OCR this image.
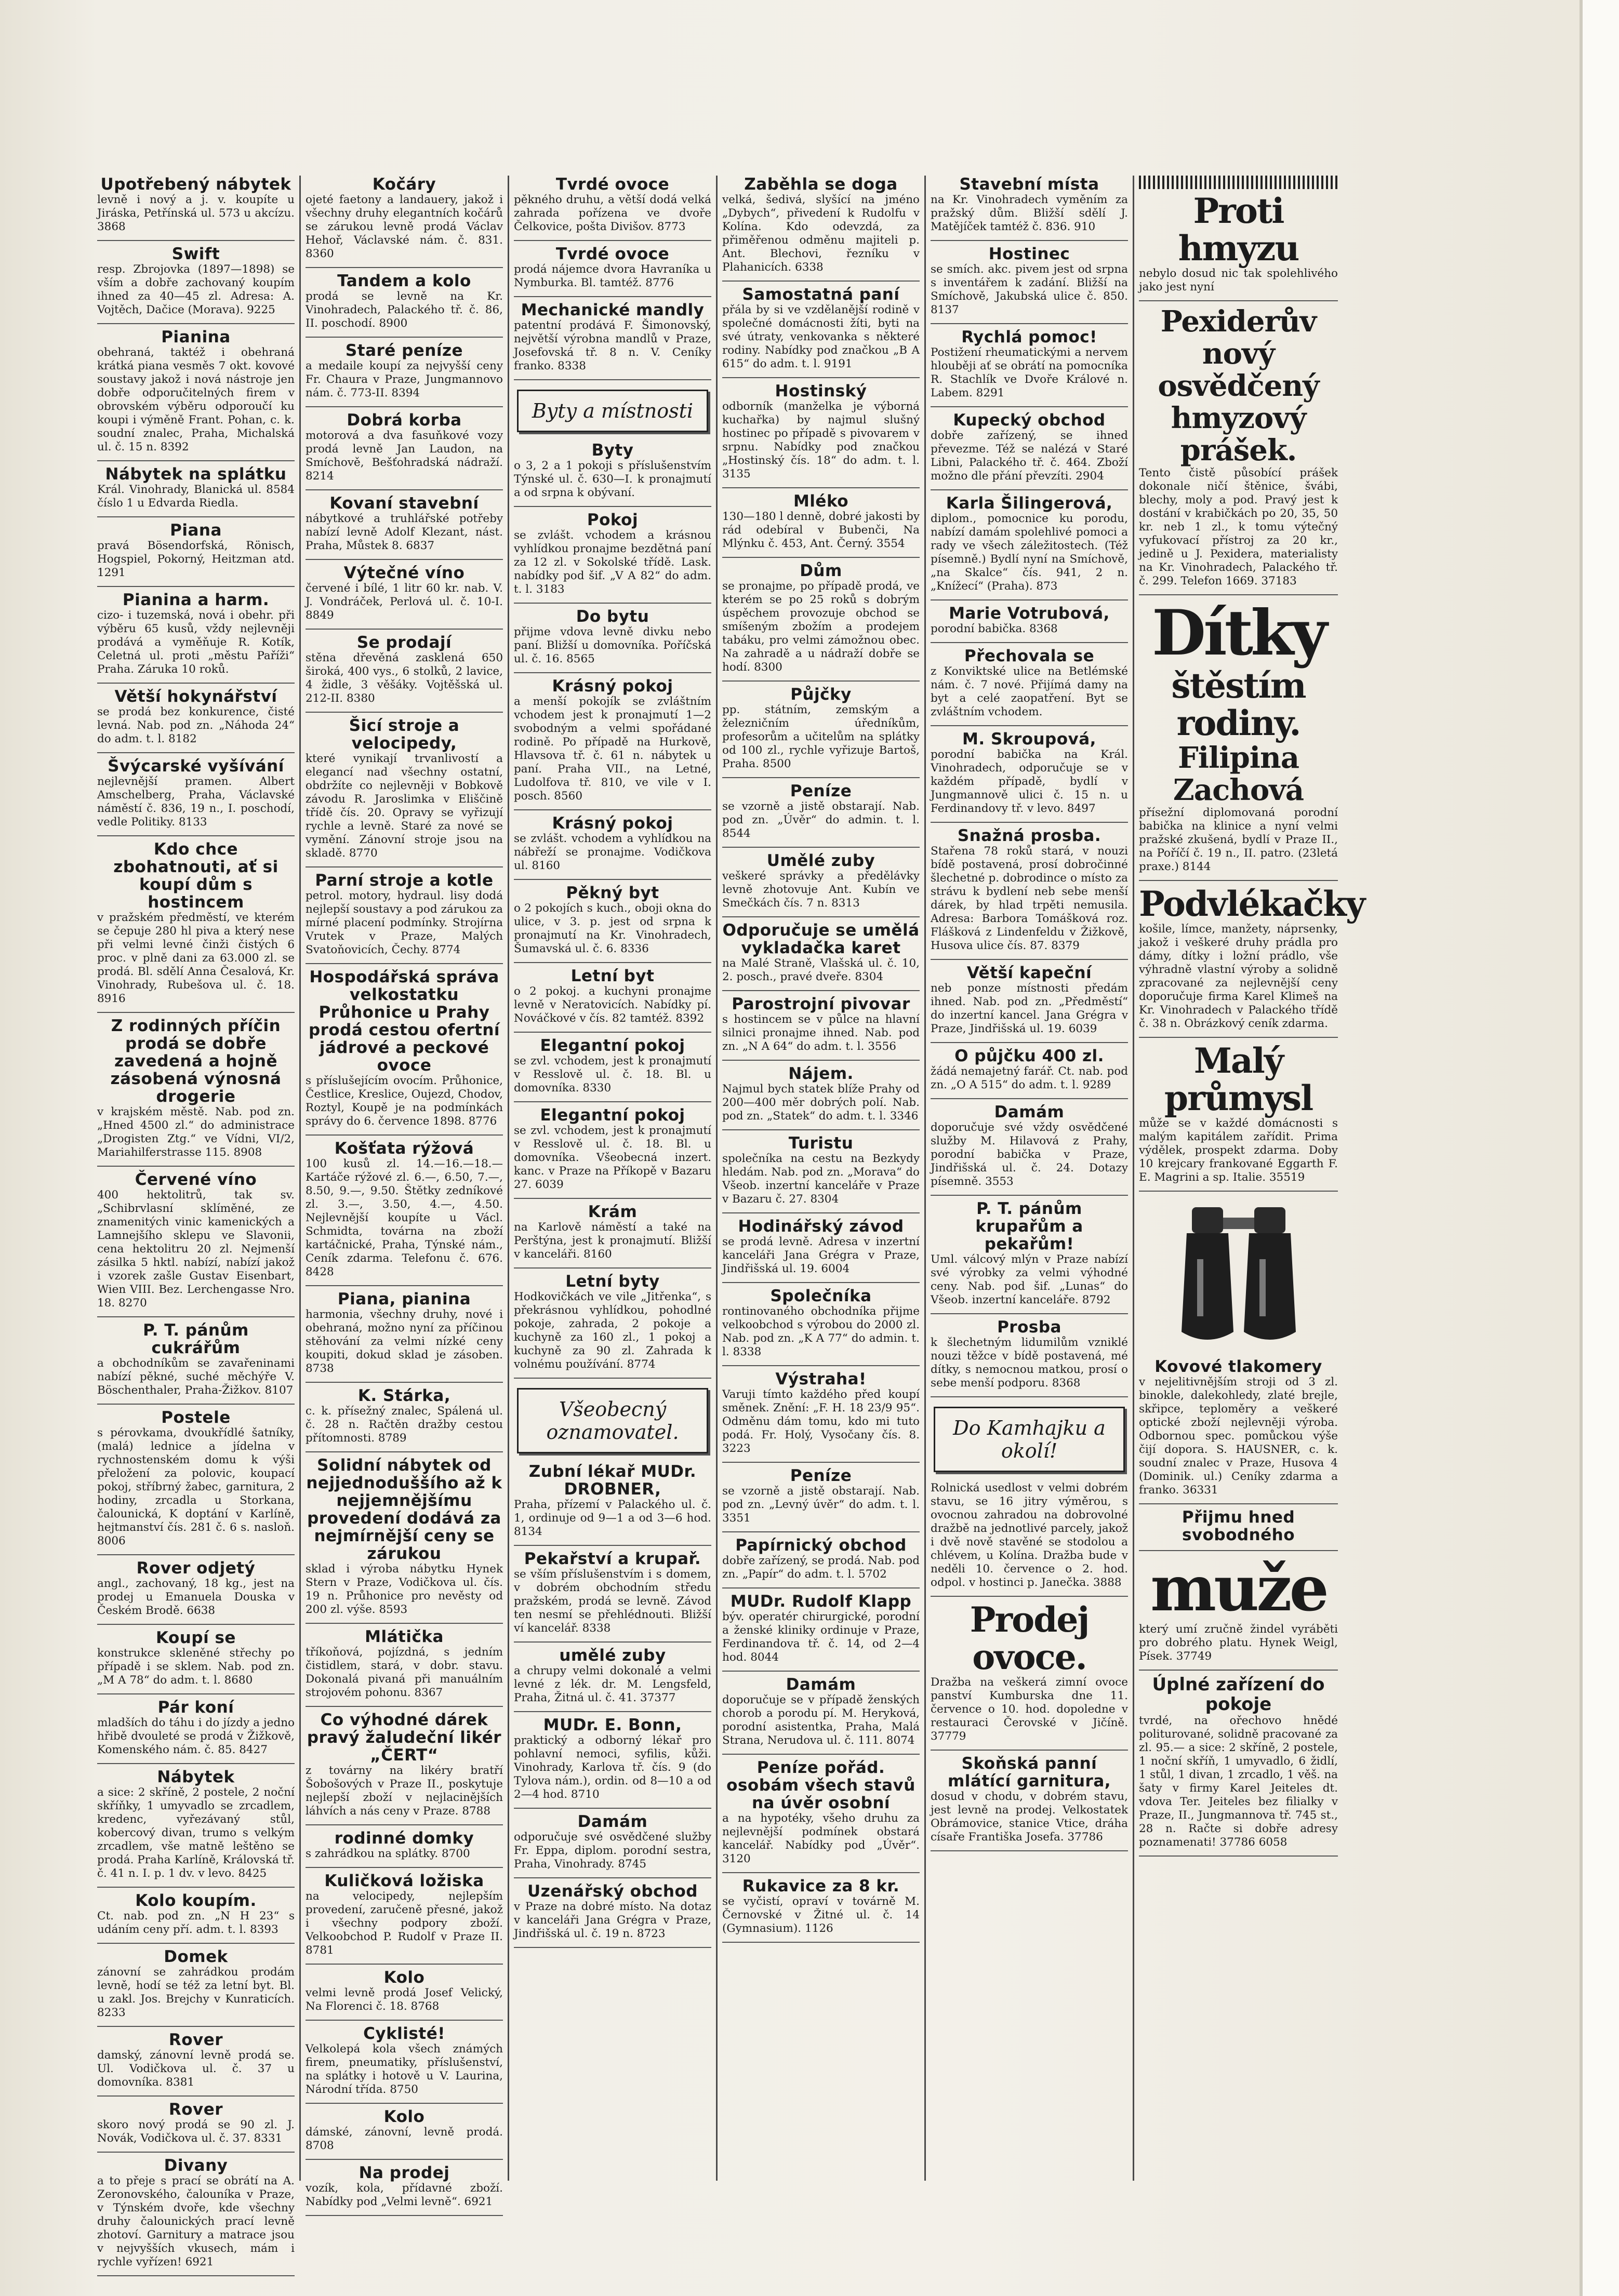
Upotřebený nábytek
levně i nový a j. v. koupíte u Jiráska, Petřínská ul. 573 u akcízu. 3868
Swift
resp. Zbrojovka (1897—1898) se vším a dobře zachovaný koupím ihned za 40—45 zl. Adresa: A. Vojtěch, Dačice (Morava). 9225
Pianina
obehraná, taktéž i obehraná krátká piana vesměs 7 okt. kovové soustavy jakož i nová nástroje jen dobře odporučitelných firem v obrovském výběru odporoučí ku koupi i výměně Frant. Pohan, c. k. soudní znalec, Praha, Michalská ul. č. 15 n. 8392
Nábytek na splátku
Král. Vinohrady, Blanická ul. 8584 číslo 1 u Edvarda Riedla.
Piana
pravá Bösendorfská, Rönisch, Hogspiel, Pokorný, Heitzman atd. 1291
Pianina a harm.
cizo- i tuzemská, nová i obehr. při výběru 65 kusů, vždy nejlevněji prodává a vyměňuje R. Kotík, Celetná ul. proti „městu Paříži“ Praha. Záruka 10 roků.
Větší hokynářství
se prodá bez konkurence, čisté levná. Nab. pod zn. „Náhoda 24“ do adm. t. l. 8182
Švýcarské vyšívání
nejlevnější pramen. Albert Amschelberg, Praha, Václavské náměstí č. 836, 19 n., I. poschodí, vedle Politiky. 8133
Kdo chce zbohatnouti, ať si koupí dům s hostincem
v pražském předměstí, ve kterém se čepuje 280 hl piva a který nese při velmi levné činži čistých 6 proc. v plně dani za 63.000 zl. se prodá. Bl. sdělí Anna Česalová, Kr. Vinohrady, Rubešova ul. č. 18. 8916
Z rodinných příčin prodá se dobře zavedená a hojně zásobená výnosná drogerie
v krajském městě. Nab. pod zn. „Hned 4500 zl.“ do administrace „Drogisten Ztg.“ ve Vídni, VI/2, Mariahilferstrasse 115. 8908
Červené víno
400 hektolitrů, tak sv. „Schibrvlasní sklíměné, ze znamenitých vinic kamenických a Lamnejšího sklepu ve Slavonii, cena hektolitru 20 zl. Nejmenší zásilka 5 hktl. nabízí, nabízí jakož i vzorek zašle Gustav Eisenbart, Wien VIII. Bez. Lerchengasse Nro. 18. 8270
P. T. pánům cukrářům
a obchodníkům se zavařeninami nabízí pěkné, suché měchýře V. Böschenthaler, Praha-Žižkov. 8107
Postele
s pérovkama, dvoukřídlé šatníky, (malá) lednice a jídelna v rychnostenském domu k výši přeložení za polovic, koupací pokoj, stříbrný žabec, garnitura, 2 hodiny, zrcadla u Storkana, čalounická, K doptání v Karlíně, hejtmanství čís. 281 č. 6 s. nasloň. 8006
Rover odjetý
angl., zachovaný, 18 kg., jest na prodej u Emanuela Douska v Českém Brodě. 6638
Koupí se
konstrukce skleněné střechy po případě i se sklem. Nab. pod zn. „M A 78“ do adm. t. l. 8680
Pár koní
mladších do táhu i do jízdy a jedno hřibě dvouleté se prodá v Žižkově, Komenského nám. č. 85. 8427
Nábytek
a sice: 2 skříně, 2 postele, 2 noční skříňky, 1 umyvadlo se zrcadlem, kredenc, vyřezávaný stůl, kobercový divan, trumo s velkým zrcadlem, vše matně leštěno se prodá. Praha Karlíně, Královská tř. č. 41 n. I. p. 1 dv. v levo. 8425
Kolo koupím.
Ct. nab. pod zn. „N H 23“ s udáním ceny pří. adm. t. l. 8393
Domek
zánovní se zahrádkou prodám levně, hodí se též za letní byt. Bl. u zakl. Jos. Brejchy v Kunraticích. 8233
Rover
damský, zánovní levně prodá se. Ul. Vodičkova ul. č. 37 u domovníka. 8381
Rover
skoro nový prodá se 90 zl. J. Novák, Vodičkova ul. č. 37. 8331
Divany
a to přeje s prací se obrátí na A. Zeronovského, čalouníka v Praze, v Týnském dvoře, kde všechny druhy čalounických prací levně zhotoví. Garnitury a matrace jsou v nejvyšších vkusech, mám i rychle vyřízen! 6921
Kočáry
ojeté faetony a landauery, jakož i všechny druhy elegantních kočárů se zárukou levně prodá Václav Hehoř, Václavské nám. č. 831. 8360
Tandem a kolo
prodá se levně na Kr. Vinohradech, Palackého tř. č. 86, II. poschodí. 8900
Staré peníze
a medaile koupí za nejvyšší ceny Fr. Chaura v Praze, Jungmannovo nám. č. 773-II. 8394
Dobrá korba
motorová a dva fasuňkové vozy prodá levně Jan Laudon, na Smíchově, Bešťohradská nádraží. 8214
Kovaní stavební
nábytkové a truhlářské potřeby nabízí levně Adolf Klezant, nást. Praha, Můstek 8. 6837
Výtečné víno
červené i bílé, 1 litr 60 kr. nab. V. J. Vondráček, Perlová ul. č. 10-I. 8849
Se prodají
stěna dřevěná zasklená 650 široká, 400 vys., 6 stolků, 2 lavice, 4 židle, 3 věšáky. Vojtěšská ul. 212-II. 8380
Šicí stroje a velocipedy,
které vynikají trvanlivostí a elegancí nad všechny ostatní, obdržíte co nejlevněji v Bobkově závodu R. Jaroslimka v Eliščině třídě čís. 20. Opravy se vyřizují rychle a levně. Staré za nové se vymění. Zánovní stroje jsou na skladě. 8770
Parní stroje a kotle
petrol. motory, hydraul. lisy dodá nejlepší soustavy a pod zárukou za mírné placení podmínky. Strojírna Vrutek v Praze, Malých Svatoňovicích, Čechy. 8774
Hospodářská správa velkostatku Průhonice u Prahy prodá cestou ofertní jádrové a peckové ovoce
s příslušejícím ovocím. Průhonice, Čestlice, Kreslice, Oujezd, Chodov, Roztyl, Koupě je na podmínkách správy do 6. července 1898. 8776
Košťata rýžová
100 kusů zl. 14.—16.—18.— Kartáče rýžové zl. 6.—, 6.50, 7.—, 8.50, 9.—, 9.50. Štětky zedníkové zl. 3.—, 3.50, 4.—, 4.50. Nejlevnější koupíte u Václ. Schmidta, továrna na zboží kartáčnické, Praha, Týnské nám., Ceník zdarma. Telefonu č. 676. 8428
Piana, pianina
harmonia, všechny druhy, nové i obehraná, možno nyní za příčinou stěhování za velmi nízké ceny koupiti, dokud sklad je zásoben. 8738
K. Stárka,
c. k. přísežný znalec, Spálená ul. č. 28 n. Račtěn dražby cestou přítomnosti. 8789
Solidní nábytek od nejjednoduššího až k nejjemnějšímu provedení dodává za nejmírnější ceny se zárukou
sklad i výroba nábytku Hynek Stern v Praze, Vodičkova ul. čís. 19 n. Průhonice pro nevěsty od 200 zl. výše. 8593
Mlátička
tříkoňová, pojízdná, s jedním čistidlem, stará, v dobr. stavu. Dokonalá pivaná při manuálním strojovém pohonu. 8367
Co výhodné dárek pravý žaludeční likér „ČERT“
z továrny na likéry bratří Šobošových v Praze II., poskytuje nejlepší zboží v nejlacinějších láhvích a nás ceny v Praze. 8788
rodinné domky
s zahrádkou na splátky. 8700
Kuličková ložiska
na velocipedy, nejlepším provedení, zaručeně přesné, jakož i všechny podpory zboží. Velkoobchod P. Rudolf v Praze II. 8781
Kolo
velmi levně prodá Josef Velický, Na Florenci č. 18. 8768
Cyklisté!
Velkolepá kola všech známých firem, pneumatiky, příslušenství, na splátky i hotově u V. Laurina, Národní třída. 8750
Kolo
dámské, zánovní, levně prodá. 8708
Na prodej
vozík, kola, přídavné zboží. Nabídky pod „Velmi levně“. 6921
Tvrdé ovoce
pěkného druhu, a větší dodá velká zahrada pořízena ve dvoře Čelkovice, pošta Divišov. 8773
Tvrdé ovoce
prodá nájemce dvora Havraníka u Nymburka. Bl. tamtéž. 8776
Mechanické mandly
patentní prodává F. Šimonovský, největší výrobna mandlů v Praze, Josefovská tř. 8 n. V. Ceníky franko. 8338
Byty a místnosti
Byty
o 3, 2 a 1 pokoji s příslušenstvím Týnské ul. č. 630—I. k pronajmutí a od srpna k obývaní.
Pokoj
se zvlášt. vchodem a krásnou vyhlídkou pronajme bezdětná paní za 12 zl. v Sokolské třídě. Lask. nabídky pod šif. „V A 82“ do adm. t. l. 3183
Do bytu
přijme vdova levně divku nebo paní. Bližší u domovníka. Poříčská ul. č. 16. 8565
Krásný pokoj
a menší pokojík se zvláštním vchodem jest k pronajmutí 1—2 svobodným a velmi spořádané rodině. Po případě na Hurkově, Hlavsova tř. č. 61 n. nábytek u paní. Praha VII., na Letné, Ludolfova tř. 810, ve vile v I. posch. 8560
Krásný pokoj
se zvlášt. vchodem a vyhlídkou na nábřeží se pronajme. Vodičkova ul. 8160
Pěkný byt
o 2 pokojích s kuch., oboji okna do ulice, v 3. p. jest od srpna k pronajmutí na Kr. Vinohradech, Šumavská ul. č. 6. 8336
Letní byt
o 2 pokoj. a kuchyni pronajme levně v Neratovicích. Nabídky pí. Nováčkové v čís. 82 tamtéž. 8392
Elegantní pokoj
se zvl. vchodem, jest k pronajmutí v Resslově ul. č. 18. Bl. u domovníka. 8330
Elegantní pokoj
se zvl. vchodem, jest k pronajmutí v Resslově ul. č. 18. Bl. u domovníka. Všeobecná inzert. kanc. v Praze na Příkopě v Bazaru 27. 6039
Krám
na Karlově náměstí a také na Perštýna, jest k pronajmutí. Bližší v kanceláři. 8160
Letní byty
Hodkovičkách ve vile „Jitřenka“, s překrásnou vyhlídkou, pohodlné pokoje, zahrada, 2 pokoje a kuchyně za 160 zl., 1 pokoj a kuchyně za 90 zl. Zahrada k volnému používání. 8774
Všeobecný oznamovatel.
Zubní lékař MUDr. DROBNER,
Praha, přízemí v Palackého ul. č. 1, ordinuje od 9—1 a od 3—6 hod. 8134
Pekařství a krupař.
se vším příslušenstvím i s domem, v dobrém obchodním středu pražském, prodá se levně. Závod ten nesmí se přehlédnouti. Bližší ví kancelář. 8338
umělé zuby
a chrupy velmi dokonalé a velmi levné z lék. dr. M. Lengsfeld, Praha, Žitná ul. č. 41. 37377
MUDr. E. Bonn,
praktický a odborný lékař pro pohlavní nemoci, syfilis, kůži. Vinohrady, Karlova tř. čís. 9 (do Tylova nám.), ordin. od 8—10 a od 2—4 hod. 8710
Damám
odporučuje své osvědčené služby Fr. Eppa, diplom. porodní sestra, Praha, Vinohrady. 8745
Uzenářský obchod
v Praze na dobré místo. Na dotaz v kanceláři Jana Grégra v Praze, Jindřišská ul. č. 19 n. 8723
Zaběhla se doga
velká, šedivá, slyšící na jméno „Dybych“, přivedení k Rudolfu v Kolína. Kdo odevzdá, za přiměřenou odměnu majiteli p. Ant. Blechovi, řezníku v Plahanicích. 6338
Samostatná paní
přála by si ve vzdělanější rodině v společné domácnosti žíti, byti na své útraty, venkovanka s některé rodiny. Nabídky pod značkou „B A 615“ do adm. t. l. 9191
Hostinský
odborník (manželka je výborná kuchařka) by najmul slušný hostinec po případě s pivovarem v srpnu. Nabídky pod značkou „Hostinský čís. 18“ do adm. t. l. 3135
Mléko
130—180 l denně, dobré jakosti by rád odebíral v Bubenči, Na Mlýnku č. 453, Ant. Černý. 3554
Dům
se pronajme, po případě prodá, ve kterém se po 25 roků s dobrým úspěchem provozuje obchod se smíšeným zbožím a prodejem tabáku, pro velmi zámožnou obec. Na zahradě a u nádraží dobře se hodí. 8300
Půjčky
pp. státním, zemským a železničním úředníkům, profesorům a učitelům na splátky od 100 zl., rychle vyřizuje Bartoš, Praha. 8500
Peníze
se vzorně a jistě obstarají. Nab. pod zn. „Úvěr“ do admin. t. l. 8544
Umělé zuby
veškeré správky a předělávky levně zhotovuje Ant. Kubín ve Smečkách čís. 7 n. 8313
Odporučuje se umělá vykladačka karet
na Malé Straně, Vlašská ul. č. 10, 2. posch., pravé dveře. 8304
Parostrojní pivovar
s hostincem se v půlce na hlavní silnici pronajme ihned. Nab. pod zn. „N A 64“ do adm. t. l. 3556
Nájem.
Najmul bych statek blíže Prahy od 200—400 měr dobrých polí. Nab. pod zn. „Statek“ do adm. t. l. 3346
Turistu
společníka na cestu na Bezkydy hledám. Nab. pod zn. „Morava“ do Všeob. inzertní kanceláře v Praze v Bazaru č. 27. 8304
Hodinářský závod
se prodá levně. Adresa v inzertní kanceláři Jana Grégra v Praze, Jindřišská ul. 19. 6004
Společníka
rontinovaného obchodníka přijme velkoobchod s výrobou do 2000 zl. Nab. pod zn. „K A 77“ do admin. t. l. 8338
Výstraha!
Varuji tímto každého před koupí směnek. Znění: „F. H. 18 23/9 95“. Odměnu dám tomu, kdo mi tuto podá. Fr. Holý, Vysočany čís. 8. 3223
Peníze
se vzorně a jistě obstarají. Nab. pod zn. „Levný úvěr“ do adm. t. l. 3351
Papírnický obchod
dobře zařízený, se prodá. Nab. pod zn. „Papír“ do adm. t. l. 5702
MUDr. Rudolf Klapp
býv. operatér chirurgické, porodní a ženské kliniky ordinuje v Praze, Ferdinandova tř. č. 14, od 2—4 hod. 8044
Damám
doporučuje se v případě ženských chorob a porodu pí. M. Heryková, porodní asistentka, Praha, Malá Strana, Nerudova ul. č. 111. 8074
Peníze pořád. osobám všech stavů na úvěr osobní
a na hypotéky, všeho druhu za nejlevnější podmínek obstará kancelář. Nabídky pod „Úvěr“. 3120
Rukavice za 8 kr.
se vyčistí, opraví v továrně M. Černovské v Žitné ul. č. 14 (Gymnasium). 1126
Stavební místa
na Kr. Vinohradech vyměním za pražský dům. Bližší sdělí J. Matějíček tamtéž č. 836. 910
Hostinec
se smích. akc. pivem jest od srpna s inventářem k zadání. Bližší na Smíchově, Jakubská ulice č. 850. 8137
Rychlá pomoc!
Postižení rheumatickými a nervem hlouběji ať se obrátí na pomocníka R. Stachlík ve Dvoře Králové n. Labem. 8291
Kupecký obchod
dobře zařízený, se ihned převezme. Též se nalézá v Staré Libni, Palackého tř. č. 464. Zboží možno dle přání převzíti. 2904
Karla Šilingerová,
diplom., pomocnice ku porodu, nabízí damám spolehlivé pomoci a rady ve všech záležitostech. (Též písemně.) Bydlí nyní na Smíchově, „na Skalce“ čís. 941, 2 n. „Knížecí“ (Praha). 873
Marie Votrubová,
porodní babička. 8368
Přechovala se
z Konviktské ulice na Betlémské nám. č. 7 nové. Přijímá damy na byt a celé zaopatření. Byt se zvláštním vchodem.
M. Skroupová,
porodní babička na Král. Vinohradech, odporučuje se v každém případě, bydlí v Jungmannově ulici č. 15 n. u Ferdinandovy tř. v levo. 8497
Snažná prosba.
Stařena 78 roků stará, v nouzi bídě postavená, prosí dobročinné šlechetné p. dobrodince o místo za strávu k bydlení neb sebe menší dárek, by hlad trpěti nemusila. Adresa: Barbora Tomášková roz. Flášková z Lindenfeldu v Žižkově, Husova ulice čís. 87. 8379
Větší kapeční
neb ponze místnosti předám ihned. Nab. pod zn. „Předměstí“ do inzertní kancel. Jana Grégra v Praze, Jindřišská ul. 19. 6039
O půjčku 400 zl.
žádá nemajetný farář. Ct. nab. pod zn. „O A 515“ do adm. t. l. 9289
Damám
doporučuje své vždy osvědčené služby M. Hilavová z Prahy, porodní babička v Praze, Jindřišská ul. č. 24. Dotazy písemně. 3553
P. T. pánům krupařům a pekařům!
Uml. válcový mlýn v Praze nabízí své výrobky za velmi výhodné ceny. Nab. pod šif. „Lunas“ do Všeob. inzertní kanceláře. 8792
Prosba
k šlechetným lidumilům vzniklé nouzi těžce v bídě postavená, mé dítky, s nemocnou matkou, prosí o sebe menší podporu. 8368
Do Kamhajku a okolí!
Rolnická usedlost v velmi dobrém stavu, se 16 jitry výměrou, s ovocnou zahradou na dobrovolné dražbě na jednotlivé parcely, jakož i dvě nově stavěné se stodolou a chlévem, u Kolína. Dražba bude v neděli 10. července o 2. hod. odpol. v hostinci p. Janečka. 3888
Prodej ovoce.
Dražba na veškerá zimní ovoce panství Kumburska dne 11. července o 10. hod. dopoledne v restauraci Čerovské v Jičíně. 37779
Skoňská panní mlátící garnitura,
dosud v chodu, v dobrém stavu, jest levně na prodej. Velkostatek Obrámovice, stanice Vtice, dráha císaře Františka Josefa. 37786
Proti hmyzu
nebylo dosud nic tak spolehlivého jako jest nyní
Pexiderův nový osvědčený hmyzový prášek.
Tento čistě působící prášek dokonale ničí štěnice, švábi, blechy, moly a pod. Pravý jest k dostání v krabičkách po 20, 35, 50 kr. neb 1 zl., k tomu výtečný vyfukovací přístroj za 20 kr., jedině u J. Pexidera, materialisty na Kr. Vinohradech, Palackého tř. č. 299. Telefon 1669. 37183
Dítky
štěstím rodiny.
Filipina Zachová
přísežní diplomovaná porodní babička na klinice a nyní velmi pražské zkušená, bydlí v Praze II., na Poříčí č. 19 n., II. patro. (23letá praxe.) 8144
Podvlékačky
košile, límce, manžety, náprsenky, jakož i veškeré druhy prádla pro dámy, dítky i ložní prádlo, vše výhradně vlastní výroby a solidně zpracované za nejlevnější ceny doporučuje firma Karel Klimeš na Kr. Vinohradech v Palackého třídě č. 38 n. Obrázkový ceník zdarma.
Malý průmysl
může se v každé domácnosti s malým kapitálem zařídit. Prima výdělek, prospekt zdarma. Doby 10 krejcary frankované Eggarth F. E. Magrini a sp. Italie. 35519
Kovové tlakomery
v nejelitivnějším stroji od 3 zl. binokle, dalekohledy, zlaté brejle, skřipce, teploměry a veškeré optické zboží nejlevněji výroba. Odbornou spec. pomůckou výše čijí dopora. S. HAUSNER, c. k. soudní znalec v Praze, Husova 4 (Dominik. ul.) Ceníky zdarma a franko. 36331
Přijmu hned svobodného
muže
který umí zručně žindel vyráběti pro dobrého platu. Hynek Weigl, Písek. 37749
Úplné zařízení do pokoje
tvrdé, na ořechovo hnědé politurované, solidně pracované za zl. 95.— a sice: 2 skříně, 2 postele, 1 noční skříň, 1 umyvadlo, 6 židlí, 1 stůl, 1 divan, 1 zrcadlo, 1 věš. na šaty v firmy Karel Jeiteles dt. vdova Ter. Jeiteles bez filialky v Praze, II., Jungmannova tř. 745 st., 28 n. Račte si dobře adresy poznamenati! 37786 6058
